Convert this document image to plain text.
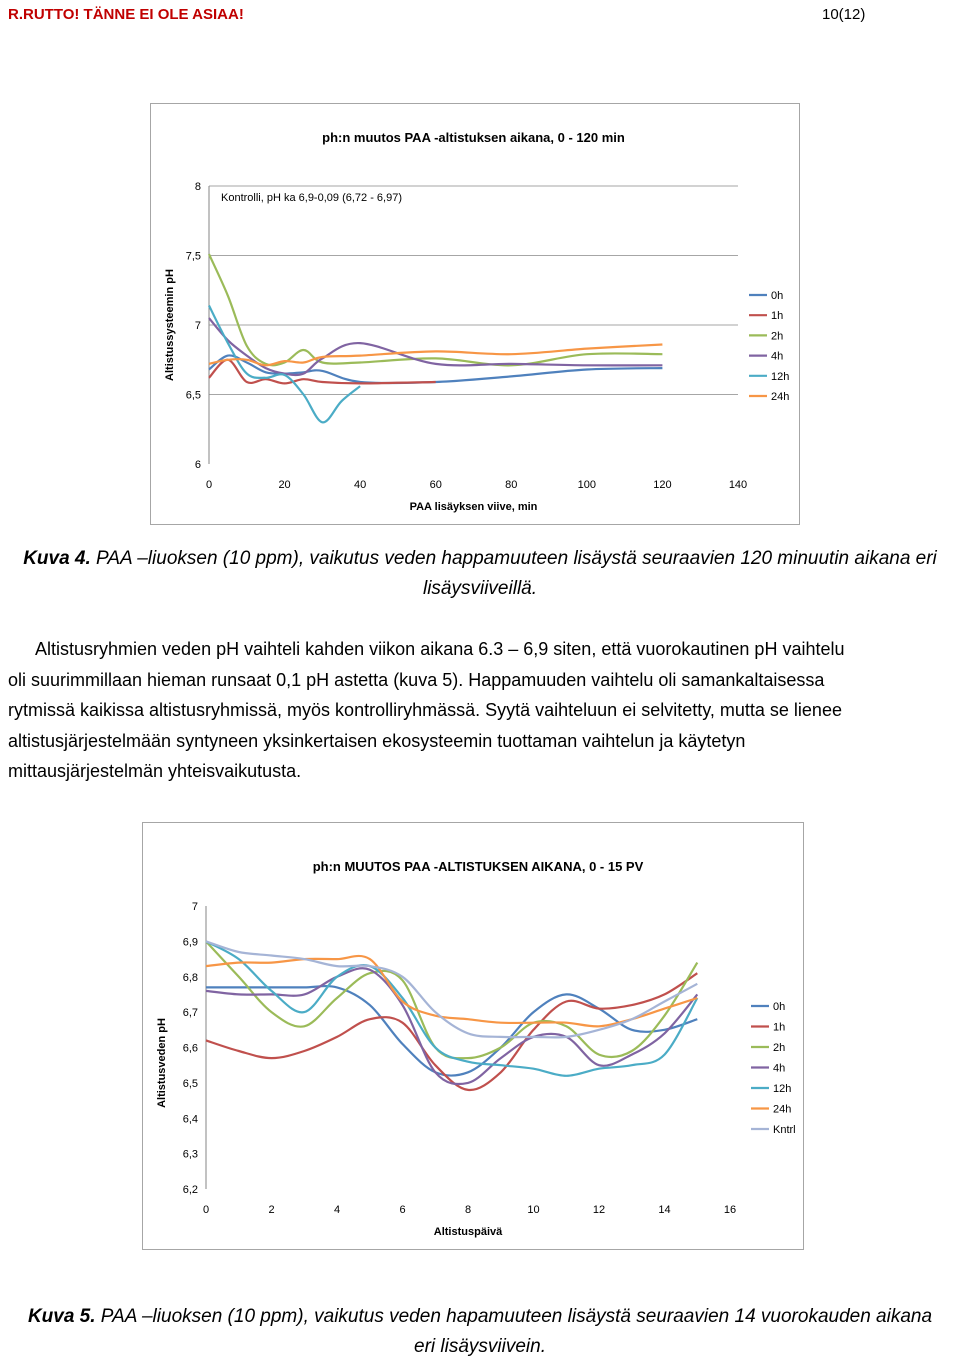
R.RUTTO! TÄNNE EI OLE ASIAA!	10(12)
ph:n muutos PAA -altistuksen aikana, 0 - 120 min
Kontrolli, pH ka 6,9-0,09 (6,72 - 6,97)
6
6,5
7
7,5
8
0	20	40	60	80	100	120	140
PAA lisäyksen viive, min
Altistussysteemin pH	0h
1h
2h
4h
12h
24h
Kuva 4. PAA –liuoksen (10 ppm), vaikutus veden happamuuteen lisäystä seuraavien 120 minuutin aikana eri
lisäysviiveillä.

Altistusryhmien veden pH vaihteli kahden viikon aikana 6.3 – 6,9 siten, että vuorokautinen pH vaihtelu

oli suurimmillaan hieman runsaat 0,1 pH astetta (kuva 5). Happamuuden vaihtelu oli samankaltaisessa

rytmissä kaikissa altistusryhmissä, myös kontrolliryhmässä. Syytä vaihteluun ei selvitetty, mutta se lienee

altistusjärjestelmään syntyneen yksinkertaisen ekosysteemin tuottaman vaihtelun ja käytetyn

mittausjärjestelmän yhteisvaikutusta.

ph:n MUUTOS PAA -ALTISTUKSEN AIKANA, 0 - 15 PV
6,2
6,3
6,4
6,5
6,6
6,7
6,8
6,9
7
0	2	4	6	8	10	12	14	16
Altistuspäivä
Altistusveden pH
0h
1h
2h
4h
12h
24h
Kntrl
Kuva 5. PAA –liuoksen (10 ppm), vaikutus veden hapamuuteen lisäystä seuraavien 14 vuorokauden aikana
eri lisäysviivein.
